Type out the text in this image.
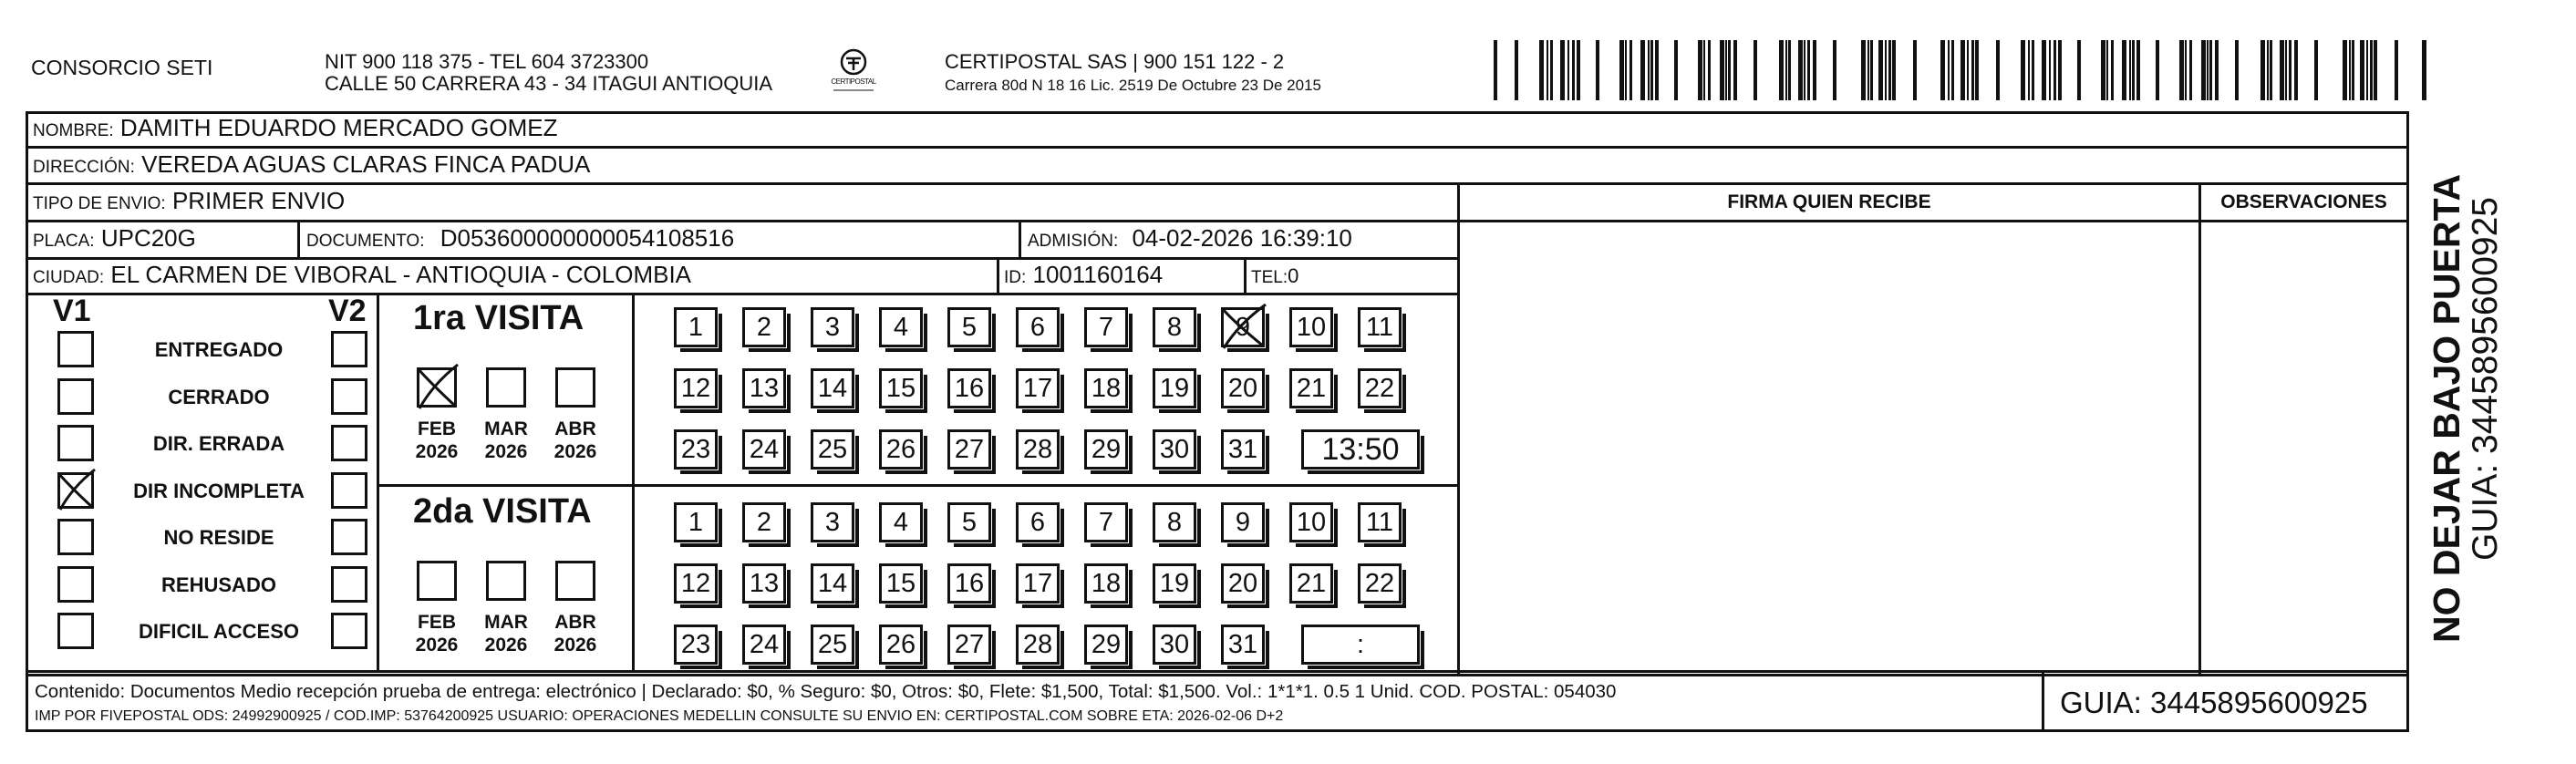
CONSORCIO SETI	NIT 900 118 375 - TEL 604 3723300
CALLE 50 CARRERA 43 - 34 ITAGUI ANTIOQUIA	CERTIPOSTAL
CERTIPOSTAL SAS | 900 151 122 - 2
Carrera 80d N 18 16 Lic. 2519 De Octubre 23 De 2015
NOMBRE: DAMITH EDUARDO MERCADO GOMEZ
DIRECCIÓN: VEREDA AGUAS CLARAS FINCA PADUA
TIPO DE ENVIO: PRIMER ENVIO	FIRMA QUIEN RECIBE	OBSERVACIONES
PLACA: UPC20G	DOCUMENTO: D053600000000054108516	ADMISIÓN: 04-02-2026 16:39:10
CIUDAD: EL CARMEN DE VIBORAL - ANTIOQUIA - COLOMBIA	ID: 1001160164	TEL:0
V1	V2
ENTREGADO
CERRADO
DIR. ERRADA
DIR INCOMPLETA
NO RESIDE
REHUSADO
DIFICIL ACCESO
1ra VISITA
2da VISITA
FEB
2026
MAR
2026
ABR
2026
FEB
2026
MAR
2026
ABR
2026
1	2	3	4	5	6	7	8	9	10	11
12 13 14 15 16 17 18 19 20 21 22
23 24 25 26 27 28 29 30 31	13:50
1	2	3	4	5	6	7	8	9	10	11
12 13 14 15 16 17 18 19 20 21 22
23 24 25 26 27 28 29 30 31	:
Contenido: Documentos Medio recepción prueba de entrega: electrónico | Declarado: $0, % Seguro: $0, Otros: $0, Flete: $1,500, Total: $1,500. Vol.: 1*1*1. 0.5 1 Unid. COD. POSTAL: 054030
IMP POR FIVEPOSTAL ODS: 24992900925 / COD.IMP: 53764200925 USUARIO: OPERACIONES MEDELLIN CONSULTE SU ENVIO EN: CERTIPOSTAL.COM SOBRE ETA: 2026-02-06 D+2	GUIA: 3445895600925
NO DEJAR BAJO PUERTA
GUIA: 3445895600925
